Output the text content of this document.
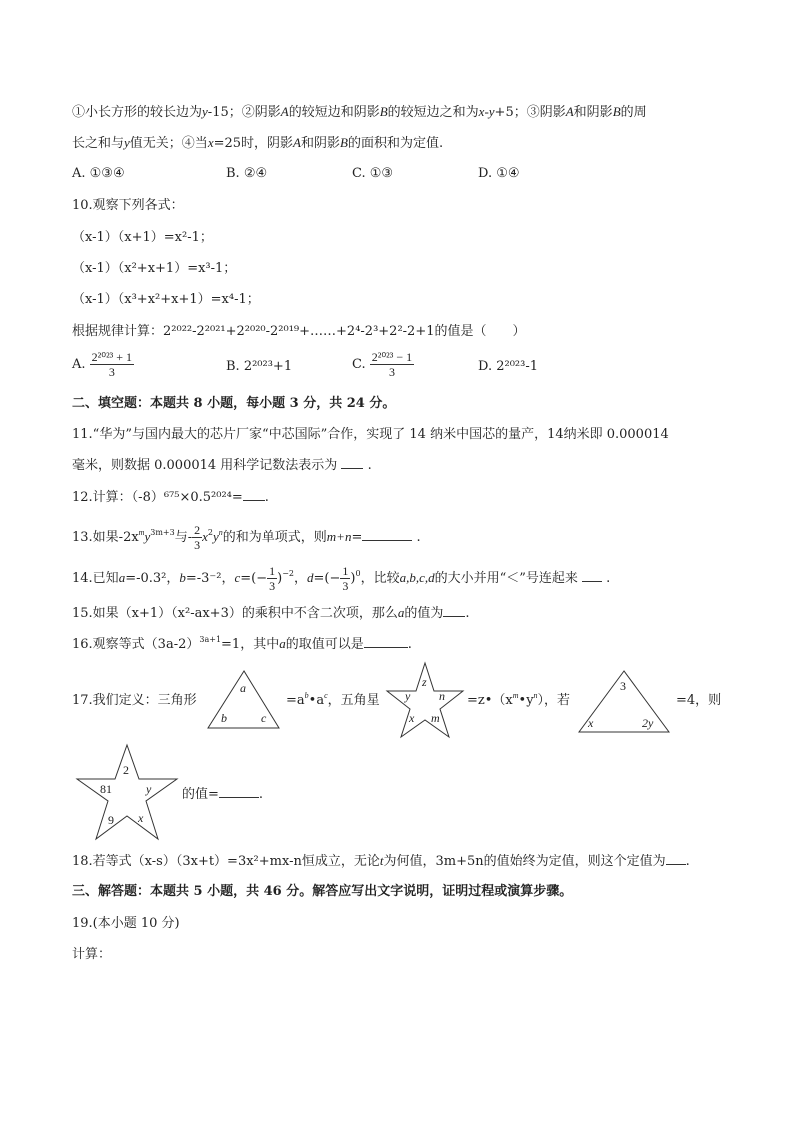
①小长方形的较长边为y-15；②阴影A的较短边和阴影B的较短边之和为x-y+5；③阴影A和阴影B的周
长之和与y值无关；④当x=25时，阴影A和阴影B的面积和为定值.
A. ①③④	B. ②④	C. ①③	D. ①④
10.观察下列各式：
（x-1）（x+1）=x²-1；
（x-1）（x²+x+1）=x³-1；
（x-1）（x³+x²+x+1）=x⁴-1；
根据规律计算：2²⁰²²-2²⁰²¹+2²⁰²⁰-2²⁰¹⁹+……+2⁴-2³+2²-2+1的值是（　　）
A. $\frac{\text{2²⁰²³ + 1}}{3}$	B. 2²⁰²³+1	C. $\frac{\text{2²⁰²³ − 1}}{3}$	D. 2²⁰²³-1
二、填空题：本题共 8 小题，每小题 3 分，共 24 分。
11.“华为”与国内最大的芯片厂家“中芯国际”合作，实现了 14 纳米中国芯的量产，14纳米即 0.000014
毫米，则数据 0.000014 用科学记数法表示为  .
12.计算：（-8）⁶⁷⁵×0.5²⁰²⁴= .
13.如果$-2x^my^{3m+3}$与- $\frac{2}{3} x^2y^n$的和为单项式，则m+n=	.
14.已知a=-0.3²，b=-3⁻²，$c=(- \frac{1}{3} )^{-2}$，$d=(- \frac{1}{3} )^0$，比较a,b,c,d的大小并用“＜”号连起来  .
15.如果（x+1）（x²-ax+3）的乘积中不含二次项，那么a的值为 .
16.观察等式$(3a-2)^{3a+1}=1$，其中a的取值可以是	.
17.我们定义：三角形
a
b	c
$=a^b•a^c$，五角星
z
y n
x m
$=z•(x^m•y^n)$，若
3
x	2y
=4，则
2
81	y
9 x
的值=	.
18.若等式（x-s）（3x+t）=3x²+mx-n恒成立，无论t为何值，3m+5n的值始终为定值，则这个定值为 .
三、解答题：本题共 5 小题，共 46 分。解答应写出文字说明，证明过程或演算步骤。
19.(本小题 10 分)
计算：
